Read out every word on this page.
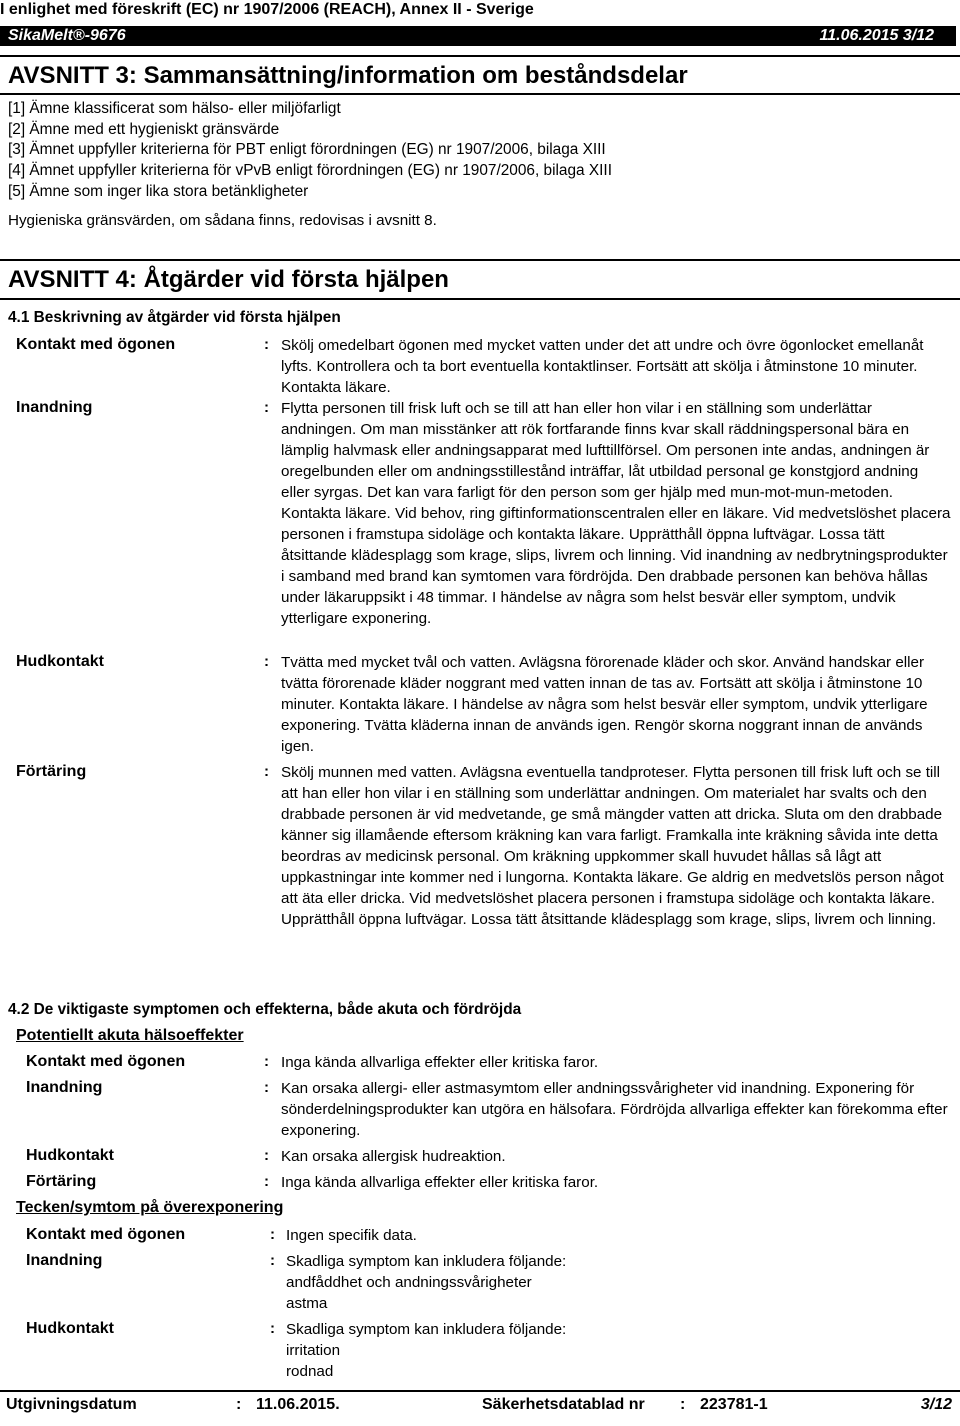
I enlighet med föreskrift (EC) nr 1907/2006 (REACH), Annex II - Sverige
SikaMelt®-9676	11.06.2015 3/12
AVSNITT 3: Sammansättning/information om beståndsdelar
[1] Ämne klassificerat som hälso- eller miljöfarligt
[2] Ämne med ett hygieniskt gränsvärde
[3] Ämnet uppfyller kriterierna för PBT enligt förordningen (EG) nr 1907/2006, bilaga XIII
[4] Ämnet uppfyller kriterierna för vPvB enligt förordningen (EG) nr 1907/2006, bilaga XIII
[5] Ämne som inger lika stora betänkligheter
Hygieniska gränsvärden, om sådana finns, redovisas i avsnitt 8.
AVSNITT 4: Åtgärder vid första hjälpen
4.1 Beskrivning av åtgärder vid första hjälpen
Kontakt med ögonen	: Skölj omedelbart ögonen med mycket vatten under det att undre och övre ögonlocket emellanåt lyfts. Kontrollera och ta bort eventuella kontaktlinser. Fortsätt att skölja i åtminstone 10 minuter. Kontakta läkare.
Inandning	: Flytta personen till frisk luft och se till att han eller hon vilar i en ställning som underlättar andningen. Om man misstänker att rök fortfarande finns kvar skall räddningspersonal bära en lämplig halvmask eller andningsapparat med lufttillförsel. Om personen inte andas, andningen är oregelbunden eller om andningsstillestånd inträffar, låt utbildad personal ge konstgjord andning eller syrgas. Det kan vara farligt för den person som ger hjälp med mun-mot-mun-metoden. Kontakta läkare. Vid behov, ring giftinformationscentralen eller en läkare. Vid medvetslöshet placera personen i framstupa sidoläge och kontakta läkare. Upprätthåll öppna luftvägar. Lossa tätt åtsittande klädesplagg som krage, slips, livrem och linning. Vid inandning av nedbrytningsprodukter i samband med brand kan symtomen vara fördröjda. Den drabbade personen kan behöva hållas under läkaruppsikt i 48 timmar. I händelse av några som helst besvär eller symptom, undvik ytterligare exponering.
Hudkontakt	: Tvätta med mycket tvål och vatten. Avlägsna förorenade kläder och skor. Använd handskar eller tvätta förorenade kläder noggrant med vatten innan de tas av. Fortsätt att skölja i åtminstone 10 minuter. Kontakta läkare. I händelse av några som helst besvär eller symptom, undvik ytterligare exponering. Tvätta kläderna innan de används igen. Rengör skorna noggrant innan de används igen.
Förtäring	: Skölj munnen med vatten. Avlägsna eventuella tandproteser. Flytta personen till frisk luft och se till att han eller hon vilar i en ställning som underlättar andningen. Om materialet har svalts och den drabbade personen är vid medvetande, ge små mängder vatten att dricka. Sluta om den drabbade känner sig illamående eftersom kräkning kan vara farligt. Framkalla inte kräkning såvida inte detta beordras av medicinsk personal. Om kräkning uppkommer skall huvudet hållas så lågt att uppkastningar inte kommer ned i lungorna. Kontakta läkare. Ge aldrig en medvetslös person något att äta eller dricka. Vid medvetslöshet placera personen i framstupa sidoläge och kontakta läkare. Upprätthåll öppna luftvägar. Lossa tätt åtsittande klädesplagg som krage, slips, livrem och linning.
4.2 De viktigaste symptomen och effekterna, både akuta och fördröjda
Potentiellt akuta hälsoeffekter
Kontakt med ögonen	: Inga kända allvarliga effekter eller kritiska faror.
Inandning	: Kan orsaka allergi- eller astmasymtom eller andningssvårigheter vid inandning. Exponering för sönderdelningsprodukter kan utgöra en hälsofara. Fördröjda allvarliga effekter kan förekomma efter exponering.
Hudkontakt	: Kan orsaka allergisk hudreaktion.
Förtäring	: Inga kända allvarliga effekter eller kritiska faror.
Tecken/symtom på överexponering
Kontakt med ögonen	: Ingen specifik data.
Inandning	: Skadliga symptom kan inkludera följande:
andfåddhet och andningssvårigheter
astma
Hudkontakt	: Skadliga symptom kan inkludera följande:
irritation
rodnad
Utgivningsdatum	: 11.06.2015.	Säkerhetsdatablad nr : 223781-1	3/12
